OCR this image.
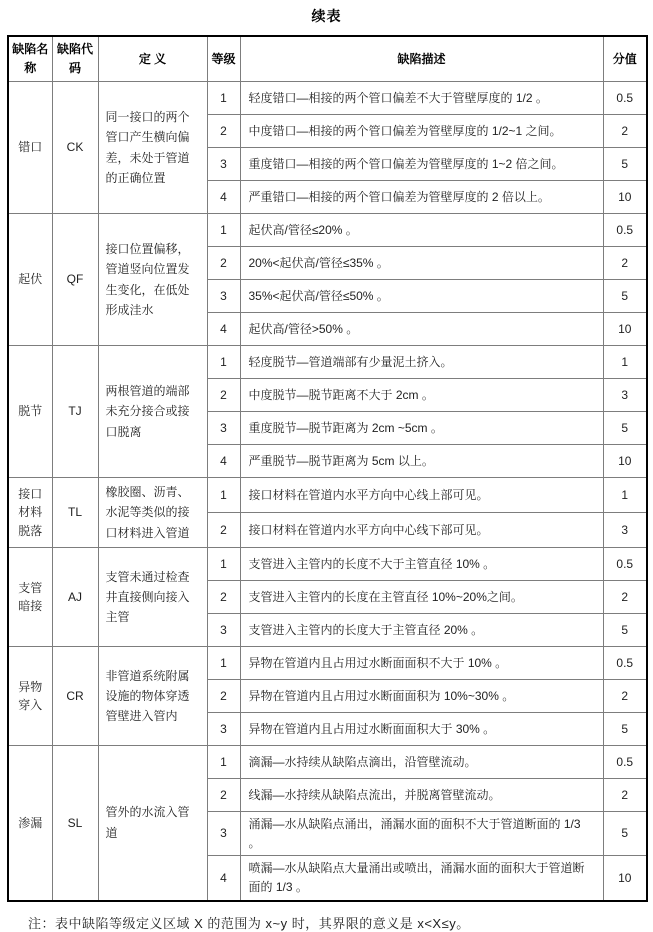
续表
缺陷名称	缺陷代码	定 义	等级	缺陷描述	分值
错口	CK	同一接口的两个管口产生横向偏差，未处于管道的正确位置	1	轻度错口—相接的两个管口偏差不大于管壁厚度的 1/2 。	0.5
			2	中度错口—相接的两个管口偏差为管壁厚度的 1/2~1 之间。	2
			3	重度错口—相接的两个管口偏差为管壁厚度的 1~2 倍之间。	5
			4	严重错口—相接的两个管口偏差为管壁厚度的 2 倍以上。	10
起伏	QF	接口位置偏移，管道竖向位置发生变化，在低处形成洼水	1	起伏高/管径≤20% 。	0.5
			2	20%<起伏高/管径≤35% 。	2
			3	35%<起伏高/管径≤50% 。	5
			4	起伏高/管径>50% 。	10
脱节	TJ	两根管道的端部未充分接合或接口脱离	1	轻度脱节—管道端部有少量泥土挤入。	1
			2	中度脱节—脱节距离不大于 2cm 。	3
			3	重度脱节—脱节距离为 2cm ~5cm 。	5
			4	严重脱节—脱节距离为 5cm 以上。	10
接口材料脱落	TL	橡胶圈、沥青、水泥等类似的接口材料进入管道	1	接口材料在管道内水平方向中心线上部可见。	1
			2	接口材料在管道内水平方向中心线下部可见。	3
支管暗接	AJ	支管未通过检查井直接侧向接入主管	1	支管进入主管内的长度不大于主管直径 10% 。	0.5
			2	支管进入主管内的长度在主管直径 10%~20%之间。	2
			3	支管进入主管内的长度大于主管直径 20% 。	5
异物穿入	CR	非管道系统附属设施的物体穿透管壁进入管内	1	异物在管道内且占用过水断面面积不大于 10% 。	0.5
			2	异物在管道内且占用过水断面面积为 10%~30% 。	2
			3	异物在管道内且占用过水断面面积大于 30% 。	5
渗漏	SL	管外的水流入管道	1	滴漏—水持续从缺陷点滴出，沿管壁流动。	0.5
			2	线漏—水持续从缺陷点流出，并脱离管壁流动。	2
			3	涌漏—水从缺陷点涌出，涌漏水面的面积不大于管道断面的 1/3 。	5
			4	喷漏—水从缺陷点大量涌出或喷出，涌漏水面的面积大于管道断面的 1/3 。	10
注：表中缺陷等级定义区域 X 的范围为 x~y 时，其界限的意义是 x<X≤y。
